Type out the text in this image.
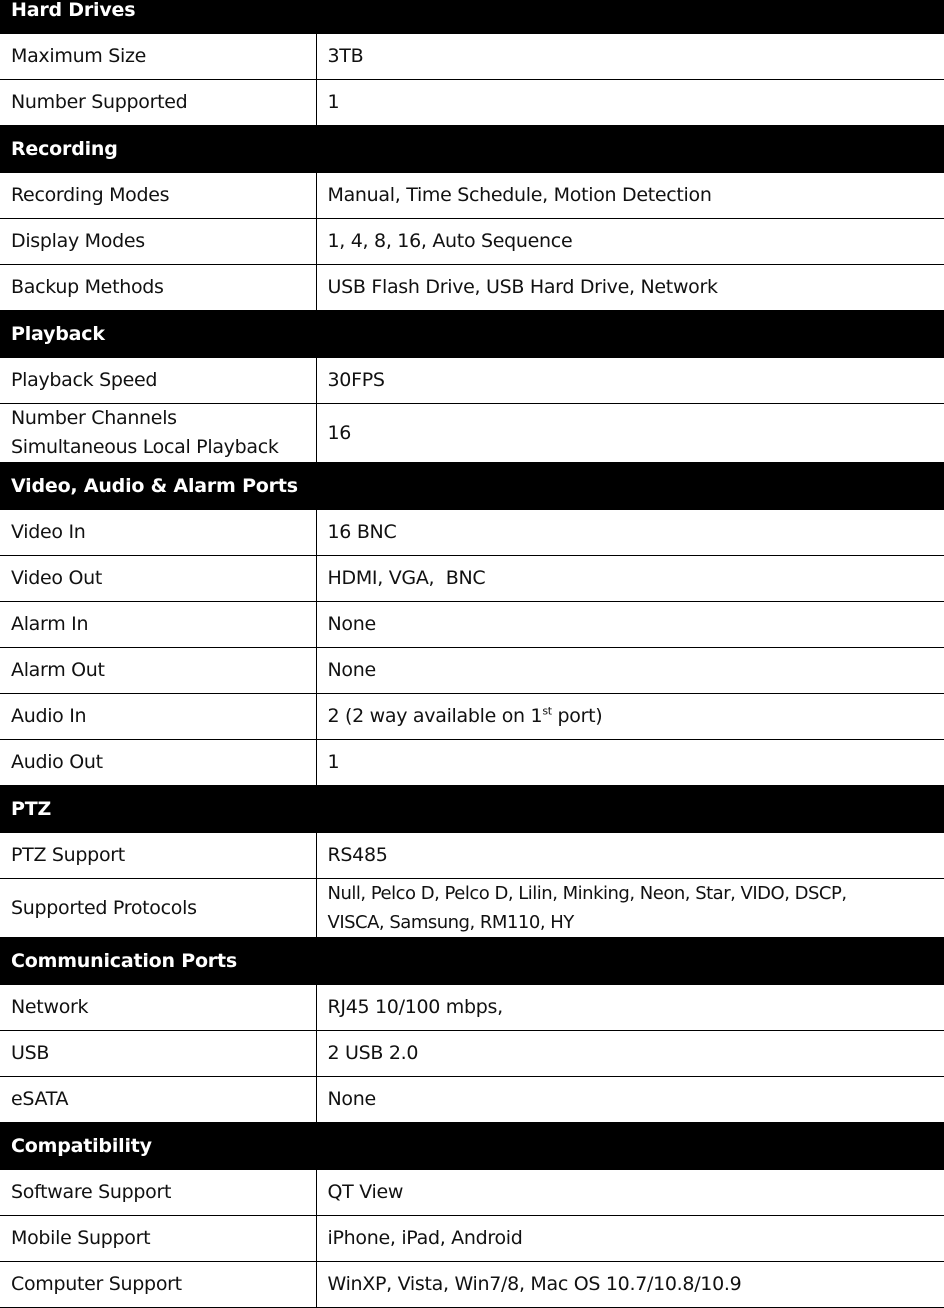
Hard Drives	
Maximum Size	3TB
Number Supported	1
Recording	
Recording Modes	Manual, Time Schedule, Motion Detection
Display Modes	1, 4, 8, 16, Auto Sequence
Backup Methods	USB Flash Drive, USB Hard Drive, Network
Playback	
Playback Speed	30FPS
Number Channels
Simultaneous Local Playback	16
Video, Audio & Alarm Ports	
Video In	16 BNC
Video Out	HDMI, VGA,  BNC
Alarm In	None
Alarm Out	None
Audio In	2 (2 way available on 1st port)
Audio Out	1
PTZ	
PTZ Support	RS485
Supported Protocols	Null, Pelco D, Pelco D, Lilin, Minking, Neon, Star, VIDO, DSCP,
VISCA, Samsung, RM110, HY
Communication Ports	
Network	RJ45 10/100 mbps,
USB	2 USB 2.0
eSATA	None
Compatibility	
Software Support	QT View
Mobile Support	iPhone, iPad, Android
Computer Support	WinXP, Vista, Win7/8, Mac OS 10.7/10.8/10.9
